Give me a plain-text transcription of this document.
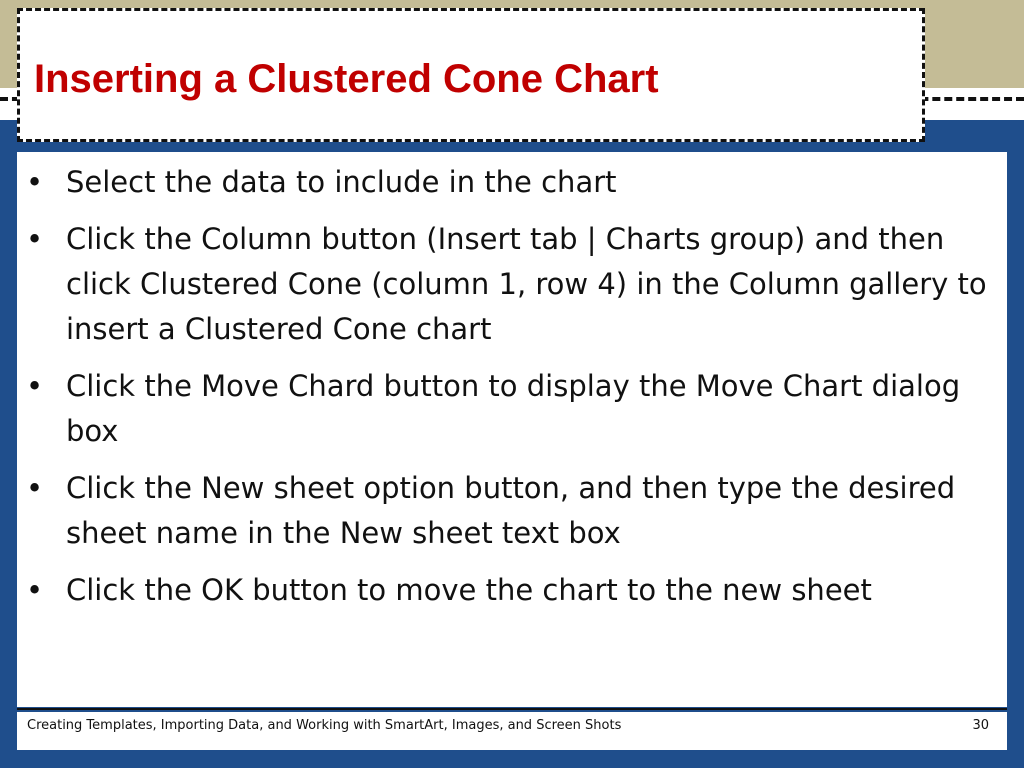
Inserting a Clustered Cone Chart
• Select the data to include in the chart
• Click the Column button (Insert tab | Charts group) and then click Clustered Cone (column 1, row 4) in the Column gallery to insert a Clustered Cone chart
• Click the Move Chard button to display the Move Chart dialog box
• Click the New sheet option button, and then type the desired sheet name in the New sheet text box
• Click the OK button to move the chart to the new sheet
Creating Templates, Importing Data, and Working with SmartArt, Images, and Screen Shots	30
